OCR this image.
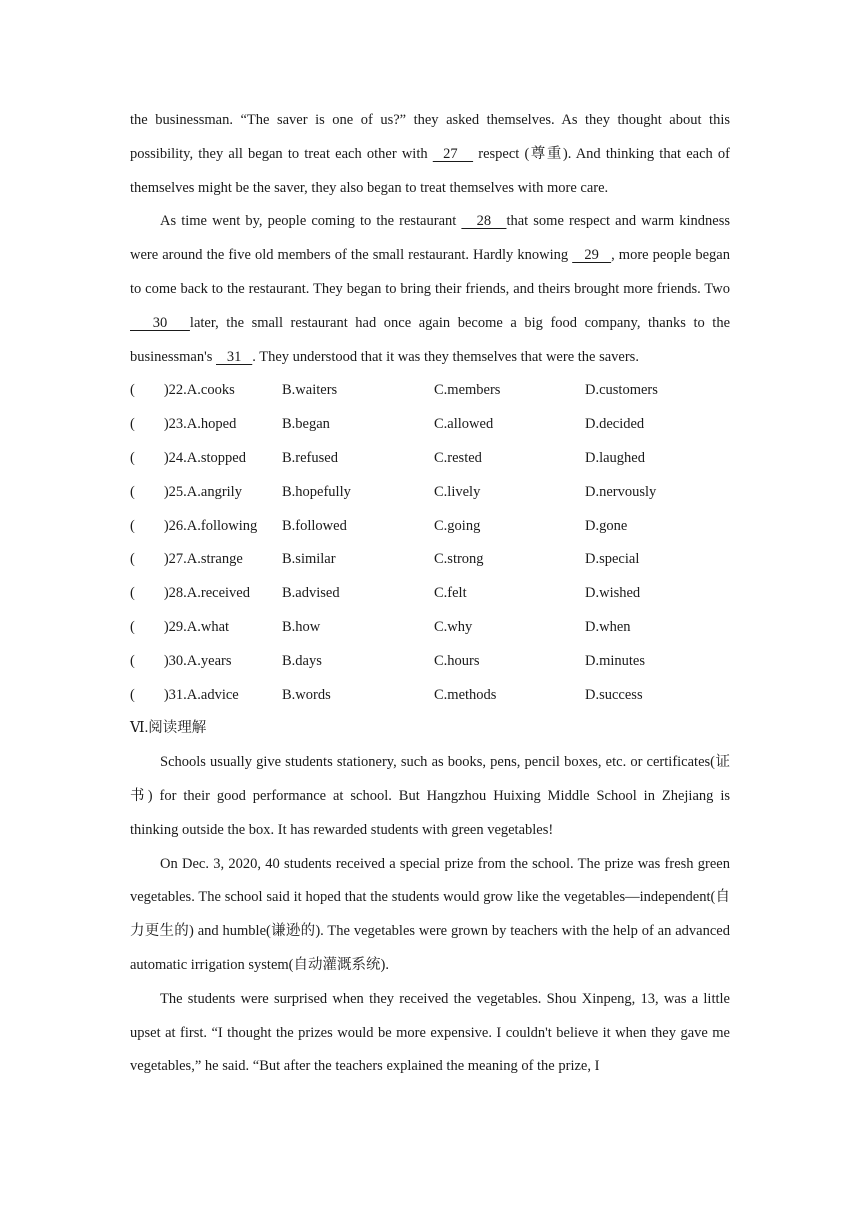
the businessman. “The saver is one of us?” they asked themselves. As they thought about this possibility, they all began to treat each other with   27    respect (尊重). And thinking that each of themselves might be the saver, they also began to treat themselves with more care.

As time went by, people coming to the restaurant    28   that some respect and warm kindness were around the five old members of the small restaurant. Hardly knowing    29   , more people began to come back to the restaurant. They began to bring their friends, and theirs brought more friends. Two    30   later, the small restaurant had once again become a big food company, thanks to the businessman's    31   . They understood that it was they themselves that were the savers.

(        )22.A.cooks	B.waiters	C.members	D.customers
(        )23.A.hoped	B.began	C.allowed	D.decided
(        )24.A.stopped	B.refused	C.rested	D.laughed
(        )25.A.angrily	B.hopefully	C.lively	D.nervously
(        )26.A.following	B.followed	C.going	D.gone
(        )27.A.strange	B.similar	C.strong	D.special
(        )28.A.received	B.advised	C.felt	D.wished
(        )29.A.what	B.how	C.why	D.when
(        )30.A.years	B.days	C.hours	D.minutes
(        )31.A.advice	B.words	C.methods	D.success
Ⅵ.阅读理解

Schools usually give students stationery, such as books, pens, pencil boxes, etc. or certificates(证书) for their good performance at school. But Hangzhou Huixing Middle School in Zhejiang is thinking outside the box. It has rewarded students with green vegetables!

On Dec. 3, 2020, 40 students received a special prize from the school. The prize was fresh green vegetables. The school said it hoped that the students would grow like the vegetables—independent(自力更生的) and humble(谦逊的). The vegetables were grown by teachers with the help of an advanced automatic irrigation system(自动灌溉系统).

The students were surprised when they received the vegetables. Shou Xinpeng, 13, was a little upset at first. “I thought the prizes would be more expensive. I couldn't believe it when they gave me vegetables,” he said. “But after the teachers explained the meaning of the prize, I
